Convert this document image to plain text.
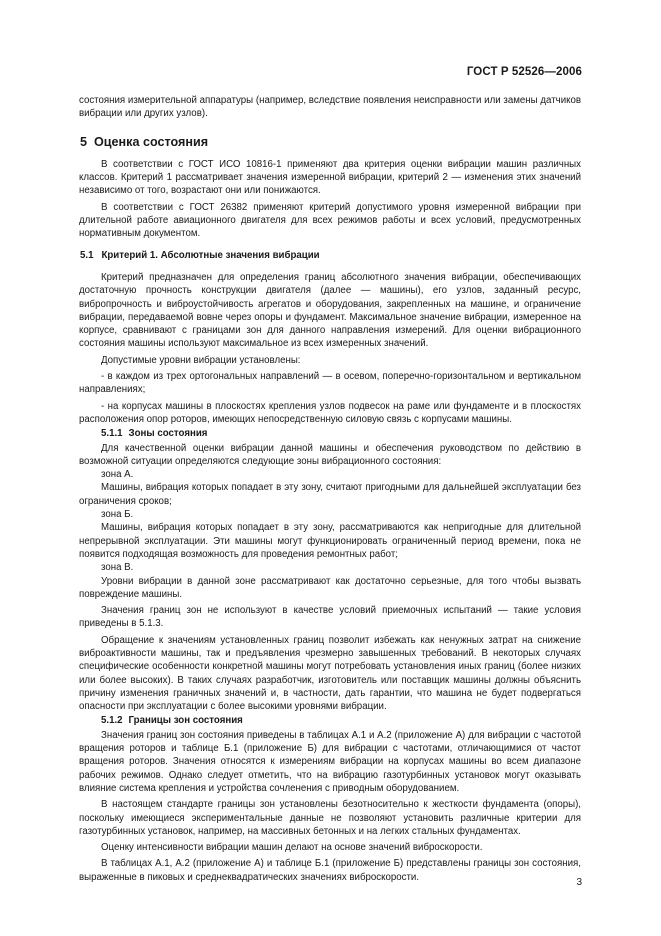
ГОСТ Р 52526—2006

состояния измерительной аппаратуры (например, вследствие появления неисправности или замены датчиков вибрации или других узлов).

5 Оценка состояния

В соответствии с ГОСТ ИСО 10816-1 применяют два критерия оценки вибрации машин различных классов. Критерий 1 рассматривает значения измеренной вибрации, критерий 2 — изменения этих значений независимо от того, возрастают они или понижаются.

В соответствии с ГОСТ 26382 применяют критерий допустимого уровня измеренной вибрации при длительной работе авиационного двигателя для всех режимов работы и всех условий, предусмотренных нормативным документом.

5.1 Критерий 1. Абсолютные значения вибрации

Критерий предназначен для определения границ абсолютного значения вибрации, обеспечивающих достаточную прочность конструкции двигателя (далее — машины), его узлов, заданный ресурс, вибропрочность и виброустойчивость агрегатов и оборудования, закрепленных на машине, и ограничение вибрации, передаваемой вовне через опоры и фундамент. Максимальное значение вибрации, измеренное на корпусе, сравнивают с границами зон для данного направления измерений. Для оценки вибрационного состояния машины используют максимальное из всех измеренных значений.

Допустимые уровни вибрации установлены:

- в каждом из трех ортогональных направлений — в осевом, поперечно-горизонтальном и вертикальном направлениях;

- на корпусах машины в плоскостях крепления узлов подвесок на раме или фундаменте и в плоскостях расположения опор роторов, имеющих непосредственную силовую связь с корпусами машины.

5.1.1 Зоны состояния

Для качественной оценки вибрации данной машины и обеспечения руководством по действию в возможной ситуации определяются следующие зоны вибрационного состояния:

зона А.

Машины, вибрация которых попадает в эту зону, считают пригодными для дальнейшей эксплуатации без ограничения сроков;

зона Б.

Машины, вибрация которых попадает в эту зону, рассматриваются как непригодные для длительной непрерывной эксплуатации. Эти машины могут функционировать ограниченный период времени, пока не появится подходящая возможность для проведения ремонтных работ;

зона В.

Уровни вибрации в данной зоне рассматривают как достаточно серьезные, для того чтобы вызвать повреждение машины.

Значения границ зон не используют в качестве условий приемочных испытаний — такие условия приведены в 5.1.3.

Обращение к значениям установленных границ позволит избежать как ненужных затрат на снижение виброактивности машины, так и предъявления чрезмерно завышенных требований. В некоторых случаях специфические особенности конкретной машины могут потребовать установления иных границ (более низких или более высоких). В таких случаях разработчик, изготовитель или поставщик машины должны объяснить причину изменения граничных значений и, в частности, дать гарантии, что машина не будет подвергаться опасности при эксплуатации с более высокими уровнями вибрации.

5.1.2 Границы зон состояния

Значения границ зон состояния приведены в таблицах А.1 и А.2 (приложение А) для вибрации с частотой вращения роторов и таблице Б.1 (приложение Б) для вибрации с частотами, отличающимися от частот вращения роторов. Значения относятся к измерениям вибрации на корпусах машины во всем диапазоне рабочих режимов. Однако следует отметить, что на вибрацию газотурбинных установок могут оказывать влияние система крепления и устройства сочленения с приводным оборудованием.

В настоящем стандарте границы зон установлены безотносительно к жесткости фундамента (опоры), поскольку имеющиеся экспериментальные данные не позволяют установить различные критерии для газотурбинных установок, например, на массивных бетонных и на легких стальных фундаментах.

Оценку интенсивности вибрации машин делают на основе значений виброскорости.

В таблицах А.1, А.2 (приложение А) и таблице Б.1 (приложение Б) представлены границы зон состояния, выраженные в пиковых и среднеквадратических значениях виброскорости.	3
